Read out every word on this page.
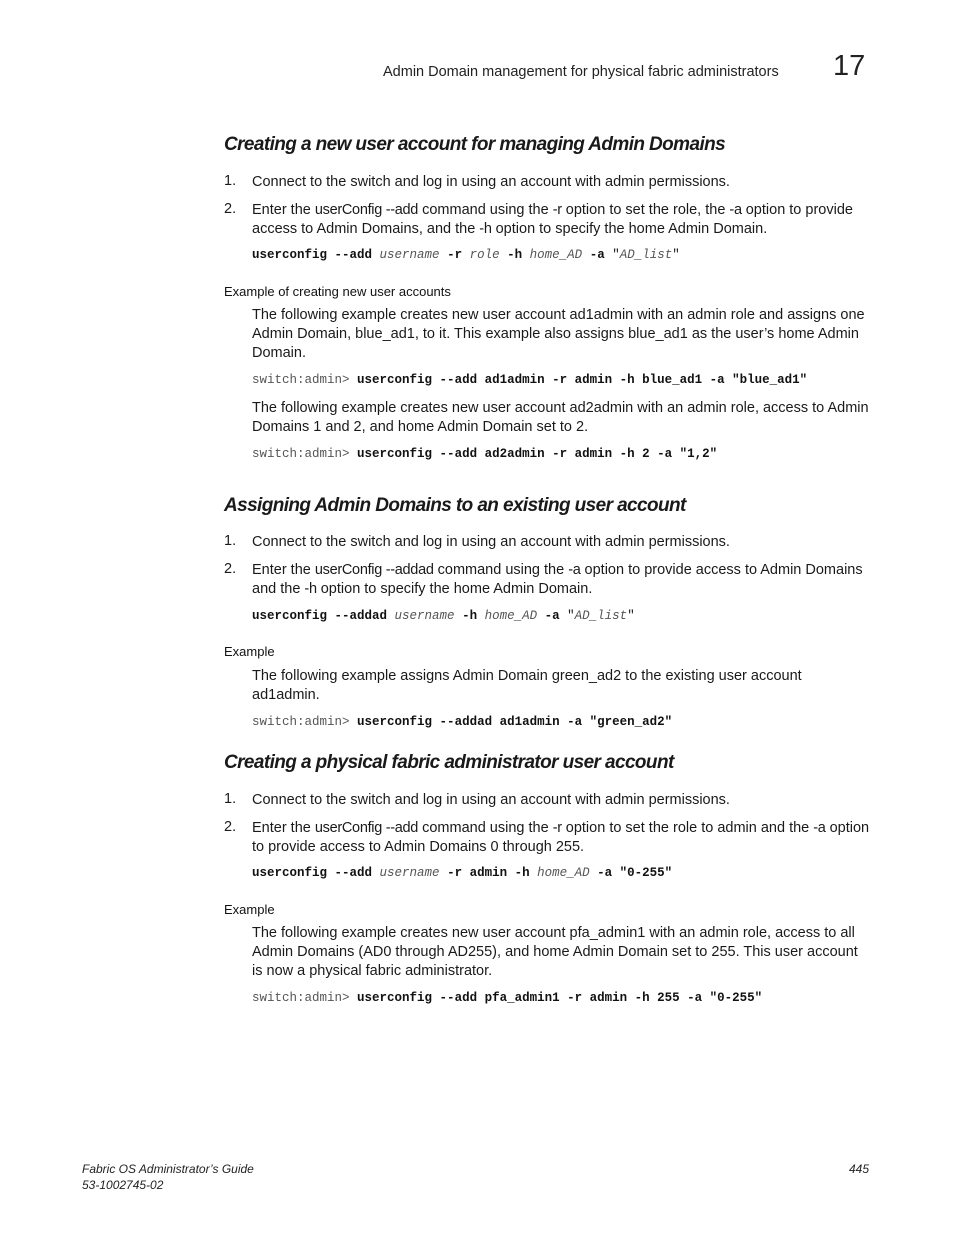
Admin Domain management for physical fabric administrators 17
Creating a new user account for managing Admin Domains
1. Connect to the switch and log in using an account with admin permissions.
2. Enter the userConfig --add command using the -r option to set the role, the -a option to provide access to Admin Domains, and the -h option to specify the home Admin Domain.
userconfig --add username -r role -h home_AD -a "AD_list"
Example of creating new user accounts
The following example creates new user account ad1admin with an admin role and assigns one Admin Domain, blue_ad1, to it. This example also assigns blue_ad1 as the user’s home Admin Domain.
switch:admin> userconfig --add ad1admin -r admin -h blue_ad1 -a "blue_ad1"
The following example creates new user account ad2admin with an admin role, access to Admin Domains 1 and 2, and home Admin Domain set to 2.
switch:admin> userconfig --add ad2admin -r admin -h 2 -a "1,2"
Assigning Admin Domains to an existing user account
1. Connect to the switch and log in using an account with admin permissions.
2. Enter the userConfig --addad command using the -a option to provide access to Admin Domains and the -h option to specify the home Admin Domain.
userconfig --addad username -h home_AD -a "AD_list"
Example
The following example assigns Admin Domain green_ad2 to the existing user account ad1admin.
switch:admin> userconfig --addad ad1admin -a "green_ad2"
Creating a physical fabric administrator user account
1. Connect to the switch and log in using an account with admin permissions.
2. Enter the userConfig --add command using the -r option to set the role to admin and the -a option to provide access to Admin Domains 0 through 255.
userconfig --add username -r admin -h home_AD -a "0-255"
Example
The following example creates new user account pfa_admin1 with an admin role, access to all Admin Domains (AD0 through AD255), and home Admin Domain set to 255. This user account is now a physical fabric administrator.
switch:admin> userconfig --add pfa_admin1 -r admin -h 255 -a "0-255"
Fabric OS Administrator’s Guide
53-1002745-02
445
